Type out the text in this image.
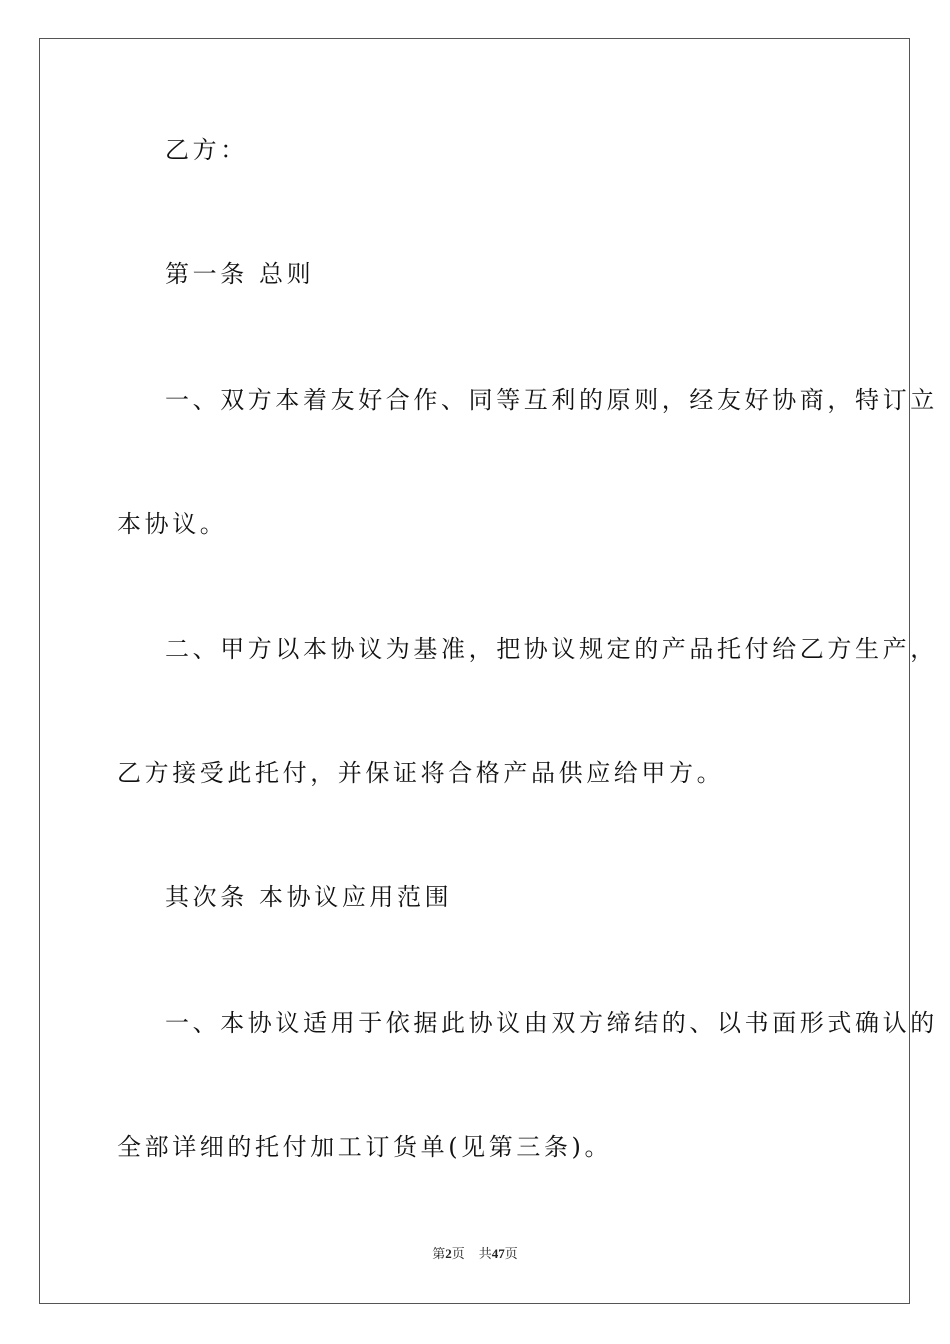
乙方：

第一条 总则

一、双方本着友好合作、同等互利的原则，经友好协商，特订立

本协议。

二、甲方以本协议为基准，把协议规定的产品托付给乙方生产，

乙方接受此托付，并保证将合格产品供应给甲方。

其次条 本协议应用范围

一、本协议适用于依据此协议由双方缔结的、以书面形式确认的

全部详细的托付加工订货单(见第三条)。

第2页 共47页
